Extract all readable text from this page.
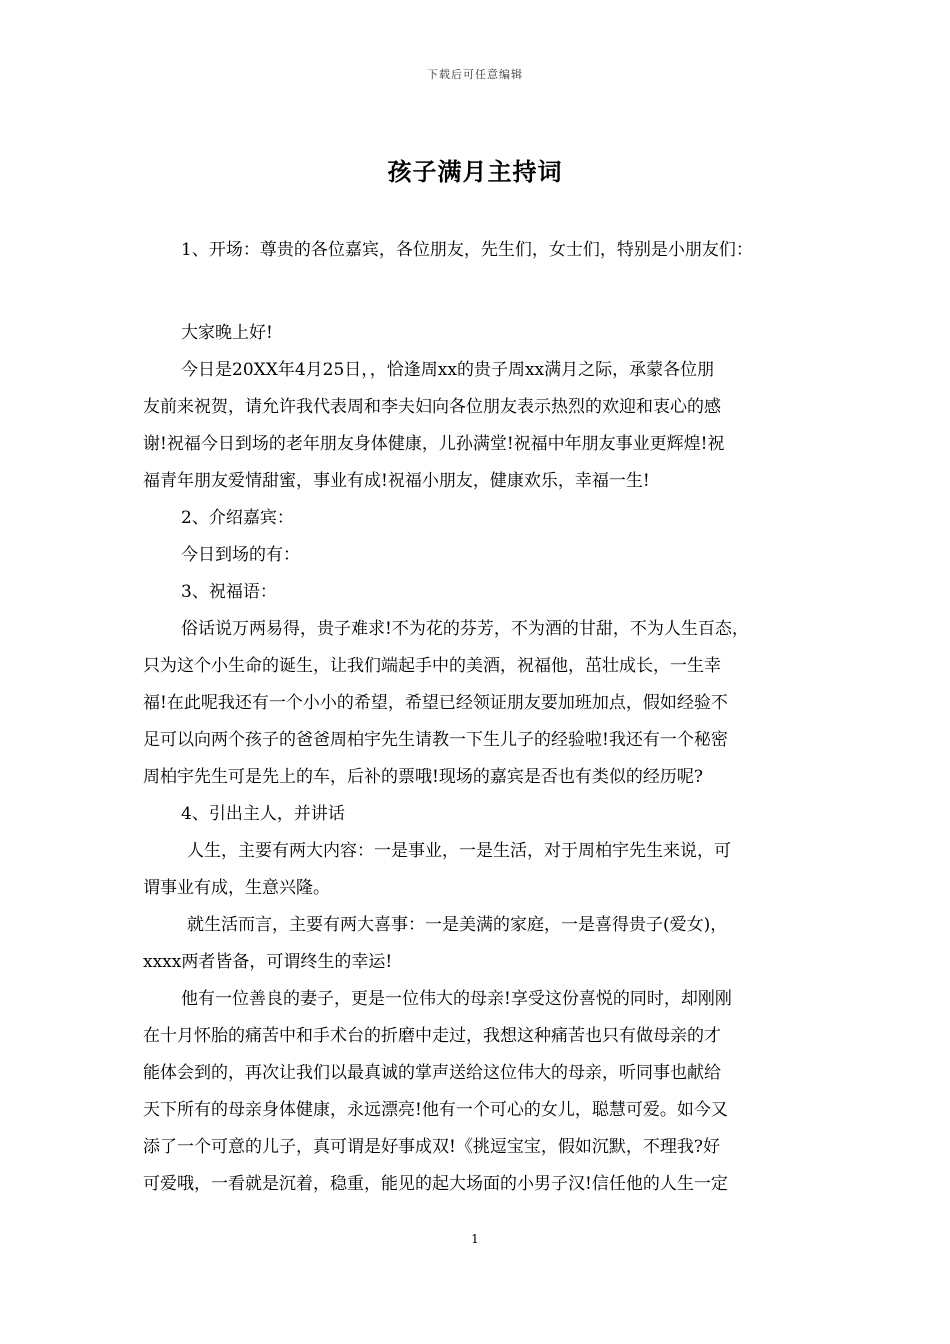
下载后可任意编辑
孩子满月主持词
1、开场：尊贵的各位嘉宾，各位朋友，先生们，女士们，特别是小朋友们：
大家晚上好!
今日是20XX年4月25日，，恰逢周xx的贵子周xx满月之际，承蒙各位朋
友前来祝贺，请允许我代表周和李夫妇向各位朋友表示热烈的欢迎和衷心的感
谢!祝福今日到场的老年朋友身体健康，儿孙满堂!祝福中年朋友事业更辉煌!祝
福青年朋友爱情甜蜜，事业有成!祝福小朋友，健康欢乐，幸福一生!
2、介绍嘉宾：
今日到场的有：
3、祝福语：
俗话说万两易得，贵子难求!不为花的芬芳，不为酒的甘甜，不为人生百态，
只为这个小生命的诞生，让我们端起手中的美酒，祝福他，茁壮成长，一生幸
福!在此呢我还有一个小小的希望，希望已经领证朋友要加班加点，假如经验不
足可以向两个孩子的爸爸周柏宇先生请教一下生儿子的经验啦!我还有一个秘密
周柏宇先生可是先上的车，后补的票哦!现场的嘉宾是否也有类似的经历呢?
4、引出主人，并讲话
人生，主要有两大内容：一是事业，一是生活，对于周柏宇先生来说，可
谓事业有成，生意兴隆。
就生活而言，主要有两大喜事：一是美满的家庭，一是喜得贵子(爱女)，
xxxx两者皆备，可谓终生的幸运!
他有一位善良的妻子，更是一位伟大的母亲!享受这份喜悦的同时，却刚刚
在十月怀胎的痛苦中和手术台的折磨中走过，我想这种痛苦也只有做母亲的才
能体会到的，再次让我们以最真诚的掌声送给这位伟大的母亲，听同事也献给
天下所有的母亲身体健康，永远漂亮!他有一个可心的女儿，聪慧可爱。如今又
添了一个可意的儿子，真可谓是好事成双!《挑逗宝宝，假如沉默，不理我?好
可爱哦，一看就是沉着，稳重，能见的起大场面的小男子汉!信任他的人生一定
1
